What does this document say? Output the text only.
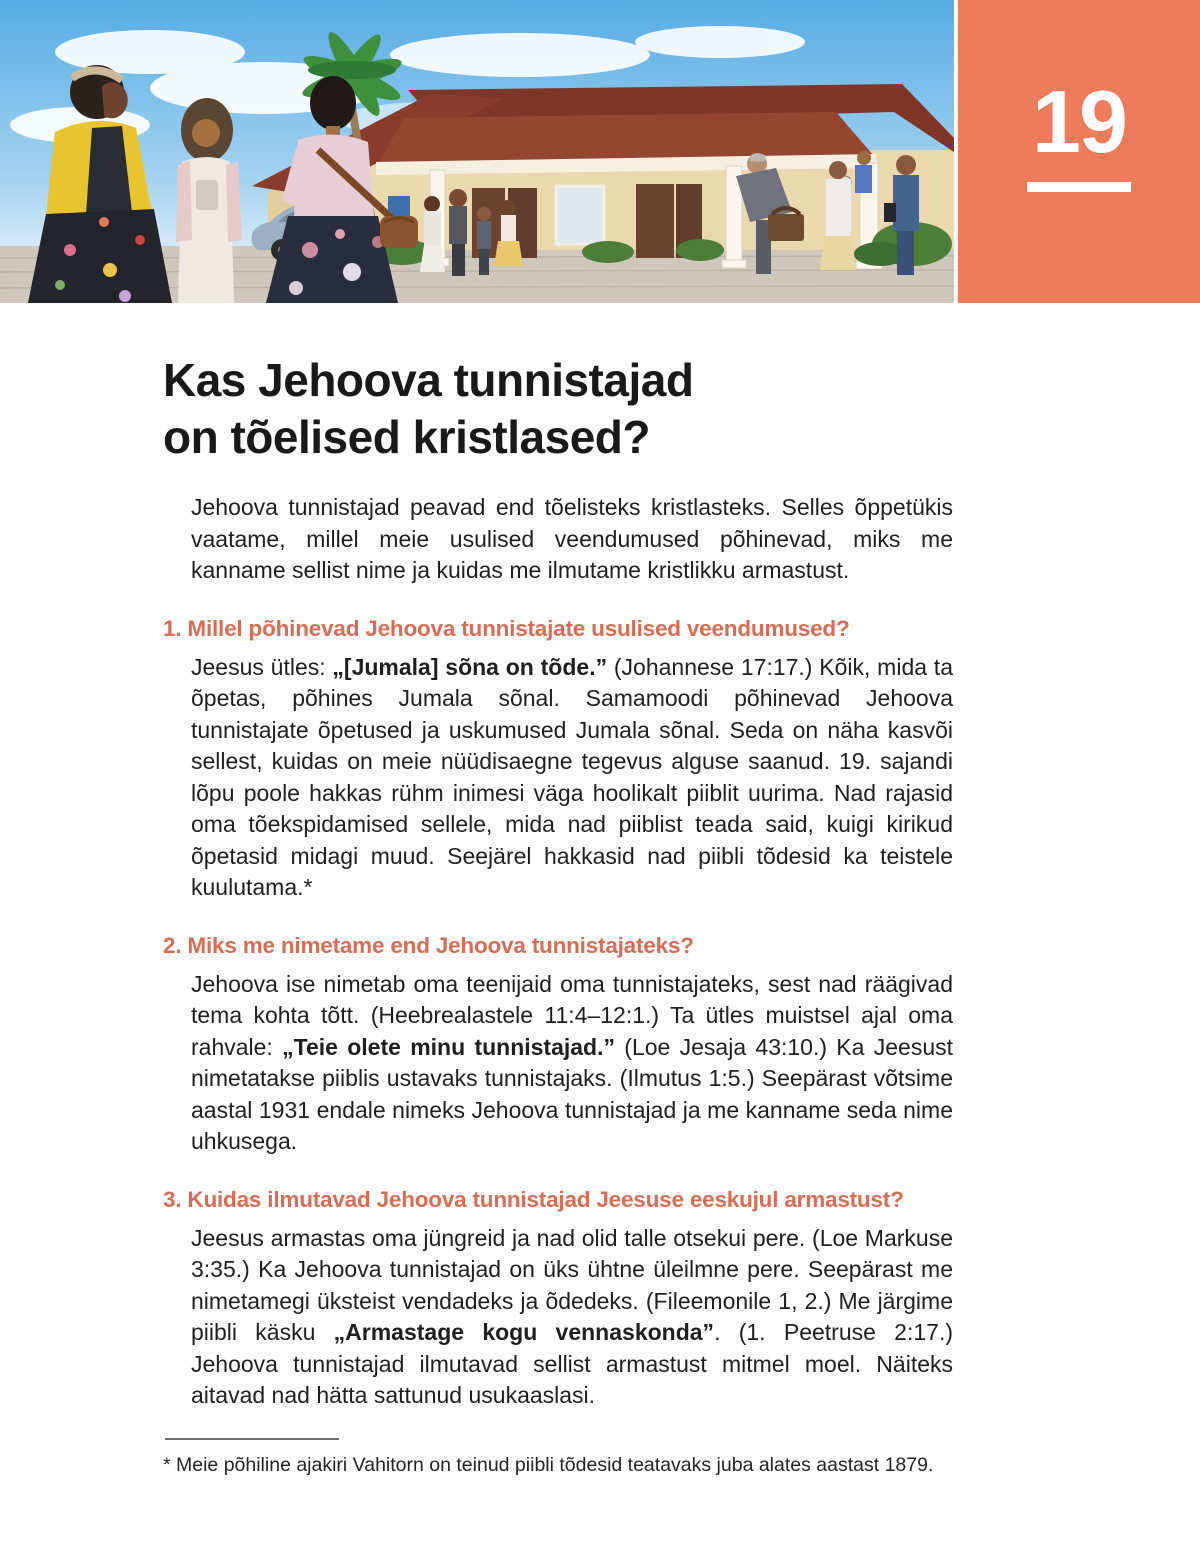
19
Kas Jehoova tunnistajad
on tõelised kristlased?

Jehoova tunnistajad peavad end tõelisteks kristlasteks. Selles õppetükis vaatame, millel meie usulised veendumused põhinevad, miks me kanname sellist nime ja kuidas me ilmutame kristlikku armastust.

1. Millel põhinevad Jehoova tunnistajate usulised veendumused?

Jeesus ütles: „[Jumala] sõna on tõde.” (Johannese 17:17.) Kõik, mida ta õpetas, põhines Jumala sõnal. Samamoodi põhinevad Jehoova tunnistajate õpetused ja uskumused Jumala sõnal. Seda on näha kasvõi sellest, kuidas on meie nüüdisaegne tegevus alguse saanud. 19. sajandi lõpu poole hakkas rühm inimesi väga hoolikalt piiblit uurima. Nad rajasid oma tõekspidamised sellele, mida nad piiblist teada said, kuigi kirikud õpetasid midagi muud. Seejärel hakkasid nad piibli tõdesid ka teistele kuulutama.*

2. Miks me nimetame end Jehoova tunnistajateks?

Jehoova ise nimetab oma teenijaid oma tunnistajateks, sest nad räägivad tema kohta tõtt. (Heebrealastele 11:4–12:1.) Ta ütles muistsel ajal oma rahvale: „Teie olete minu tunnistajad.” (Loe Jesaja 43:10.) Ka Jeesust nimetatakse piiblis ustavaks tunnistajaks. (Ilmutus 1:5.) Seepärast võtsime aastal 1931 endale nimeks Jehoova tunnistajad ja me kanname seda nime uhkusega.

3. Kuidas ilmutavad Jehoova tunnistajad Jeesuse eeskujul armastust?

Jeesus armastas oma jüngreid ja nad olid talle otsekui pere. (Loe Markuse 3:35.) Ka Jehoova tunnistajad on üks ühtne üleilmne pere. Seepärast me nimetamegi üksteist vendadeks ja õdedeks. (Fileemonile 1, 2.) Me järgime piibli käsku „Armastage kogu vennaskonda”. (1. Peetruse 2:17.) Jehoova tunnistajad ilmutavad sellist armastust mitmel moel. Näiteks aitavad nad hätta sattunud usukaaslasi.

* Meie põhiline ajakiri Vahitorn on teinud piibli tõdesid teatavaks juba alates aastast 1879.
